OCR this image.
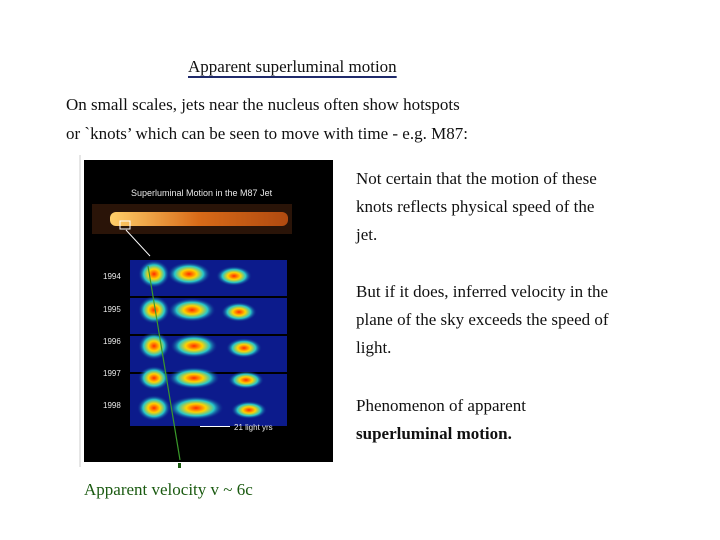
Apparent superluminal motion
On small scales, jets near the nucleus often show hotspots
or `knots’ which can be seen to move with time - e.g. M87:
Superluminal Motion in the M87 Jet
1994
1995
1996
1997
1998
21 light yrs
Apparent velocity v ~ 6c
Not certain that the motion of these knots reflects physical speed of the jet.
But if it does, inferred velocity in the plane of the sky exceeds the speed of light.
Phenomenon of apparent superluminal motion.
